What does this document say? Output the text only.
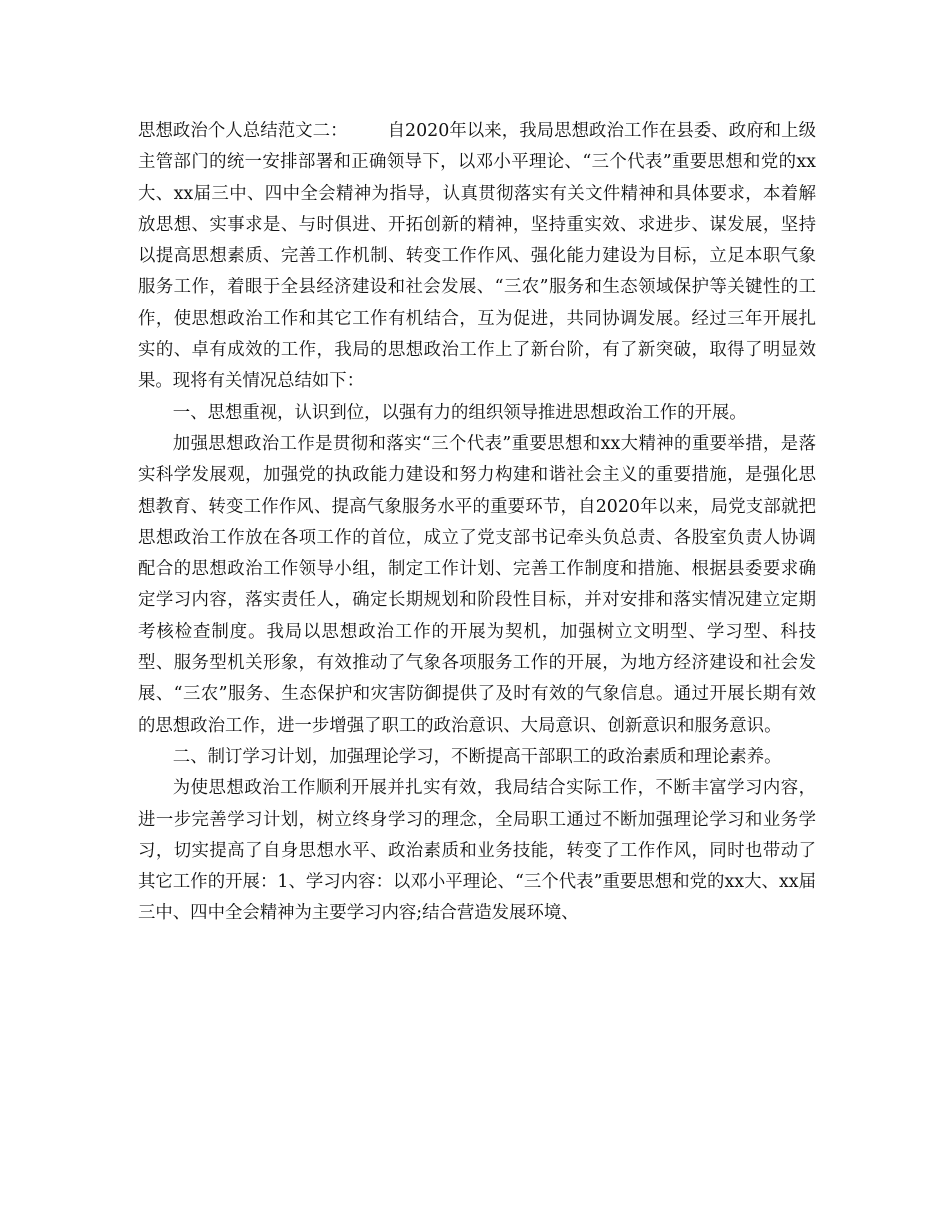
思想政治个人总结范文二： 自2020年以来，我局思想政治工作在县委、政府和上级主管部门的统一安排部署和正确领导下，以邓小平理论、“三个代表”重要思想和党的xx大、xx届三中、四中全会精神为指导，认真贯彻落实有关文件精神和具体要求，本着解放思想、实事求是、与时俱进、开拓创新的精神，坚持重实效、求进步、谋发展，坚持以提高思想素质、完善工作机制、转变工作作风、强化能力建设为目标，立足本职气象服务工作，着眼于全县经济建设和社会发展、“三农”服务和生态领域保护等关键性的工作，使思想政治工作和其它工作有机结合，互为促进，共同协调发展。经过三年开展扎实的、卓有成效的工作，我局的思想政治工作上了新台阶，有了新突破，取得了明显效果。现将有关情况总结如下：

一、思想重视，认识到位，以强有力的组织领导推进思想政治工作的开展。

加强思想政治工作是贯彻和落实“三个代表”重要思想和xx大精神的重要举措，是落实科学发展观，加强党的执政能力建设和努力构建和谐社会主义的重要措施，是强化思想教育、转变工作作风、提高气象服务水平的重要环节，自2020年以来，局党支部就把思想政治工作放在各项工作的首位，成立了党支部书记牵头负总责、各股室负责人协调配合的思想政治工作领导小组，制定工作计划、完善工作制度和措施、根据县委要求确定学习内容，落实责任人，确定长期规划和阶段性目标，并对安排和落实情况建立定期考核检查制度。我局以思想政治工作的开展为契机，加强树立文明型、学习型、科技型、服务型机关形象，有效推动了气象各项服务工作的开展，为地方经济建设和社会发展、“三农”服务、生态保护和灾害防御提供了及时有效的气象信息。通过开展长期有效的思想政治工作，进一步增强了职工的政治意识、大局意识、创新意识和服务意识。

二、制订学习计划，加强理论学习，不断提高干部职工的政治素质和理论素养。

为使思想政治工作顺利开展并扎实有效，我局结合实际工作，不断丰富学习内容，进一步完善学习计划，树立终身学习的理念，全局职工通过不断加强理论学习和业务学习，切实提高了自身思想水平、政治素质和业务技能，转变了工作作风，同时也带动了其它工作的开展：1、学习内容：以邓小平理论、“三个代表”重要思想和党的xx大、xx届三中、四中全会精神为主要学习内容;结合营造发展环境、
